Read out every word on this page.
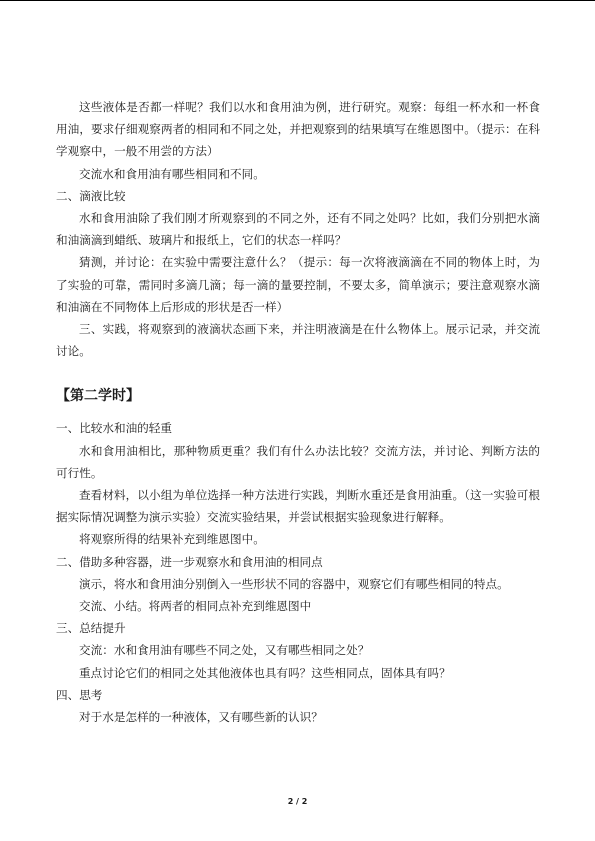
这些液体是否都一样呢？我们以水和食用油为例，进行研究。观察：每组一杯水和一杯食用油，要求仔细观察两者的相同和不同之处，并把观察到的结果填写在维恩图中。（提示：在科学观察中，一般不用尝的方法）

交流水和食用油有哪些相同和不同。

二、滴液比较

水和食用油除了我们刚才所观察到的不同之外，还有不同之处吗？比如，我们分别把水滴和油滴滴到蜡纸、玻璃片和报纸上，它们的状态一样吗？

猜测，并讨论：在实验中需要注意什么？（提示：每一次将液滴滴在不同的物体上时，为了实验的可靠，需同时多滴几滴；每一滴的量要控制，不要太多，简单演示；要注意观察水滴和油滴在不同物体上后形成的形状是否一样）

三、实践，将观察到的液滴状态画下来，并注明液滴是在什么物体上。展示记录，并交流讨论。

【第二学时】

一、比较水和油的轻重

水和食用油相比，那种物质更重？我们有什么办法比较？交流方法，并讨论、判断方法的可行性。

查看材料，以小组为单位选择一种方法进行实践，判断水重还是食用油重。（这一实验可根据实际情况调整为演示实验）交流实验结果，并尝试根据实验现象进行解释。

将观察所得的结果补充到维恩图中。

二、借助多种容器，进一步观察水和食用油的相同点

演示，将水和食用油分别倒入一些形状不同的容器中，观察它们有哪些相同的特点。

交流、小结。将两者的相同点补充到维恩图中

三、总结提升

交流：水和食用油有哪些不同之处，又有哪些相同之处？

重点讨论它们的相同之处其他液体也具有吗？这些相同点，固体具有吗？

四、思考

对于水是怎样的一种液体，又有哪些新的认识？

2 / 2
